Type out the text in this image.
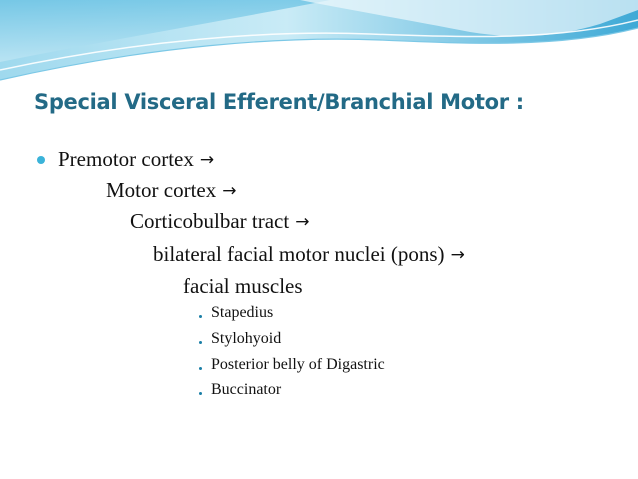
Special Visceral Efferent/Branchial Motor :

Premotor cortex →

Motor cortex →

Corticobulbar tract →

bilateral facial motor nuclei (pons) →

facial muscles

Stapedius

Stylohyoid

Posterior belly of Digastric

Buccinator
